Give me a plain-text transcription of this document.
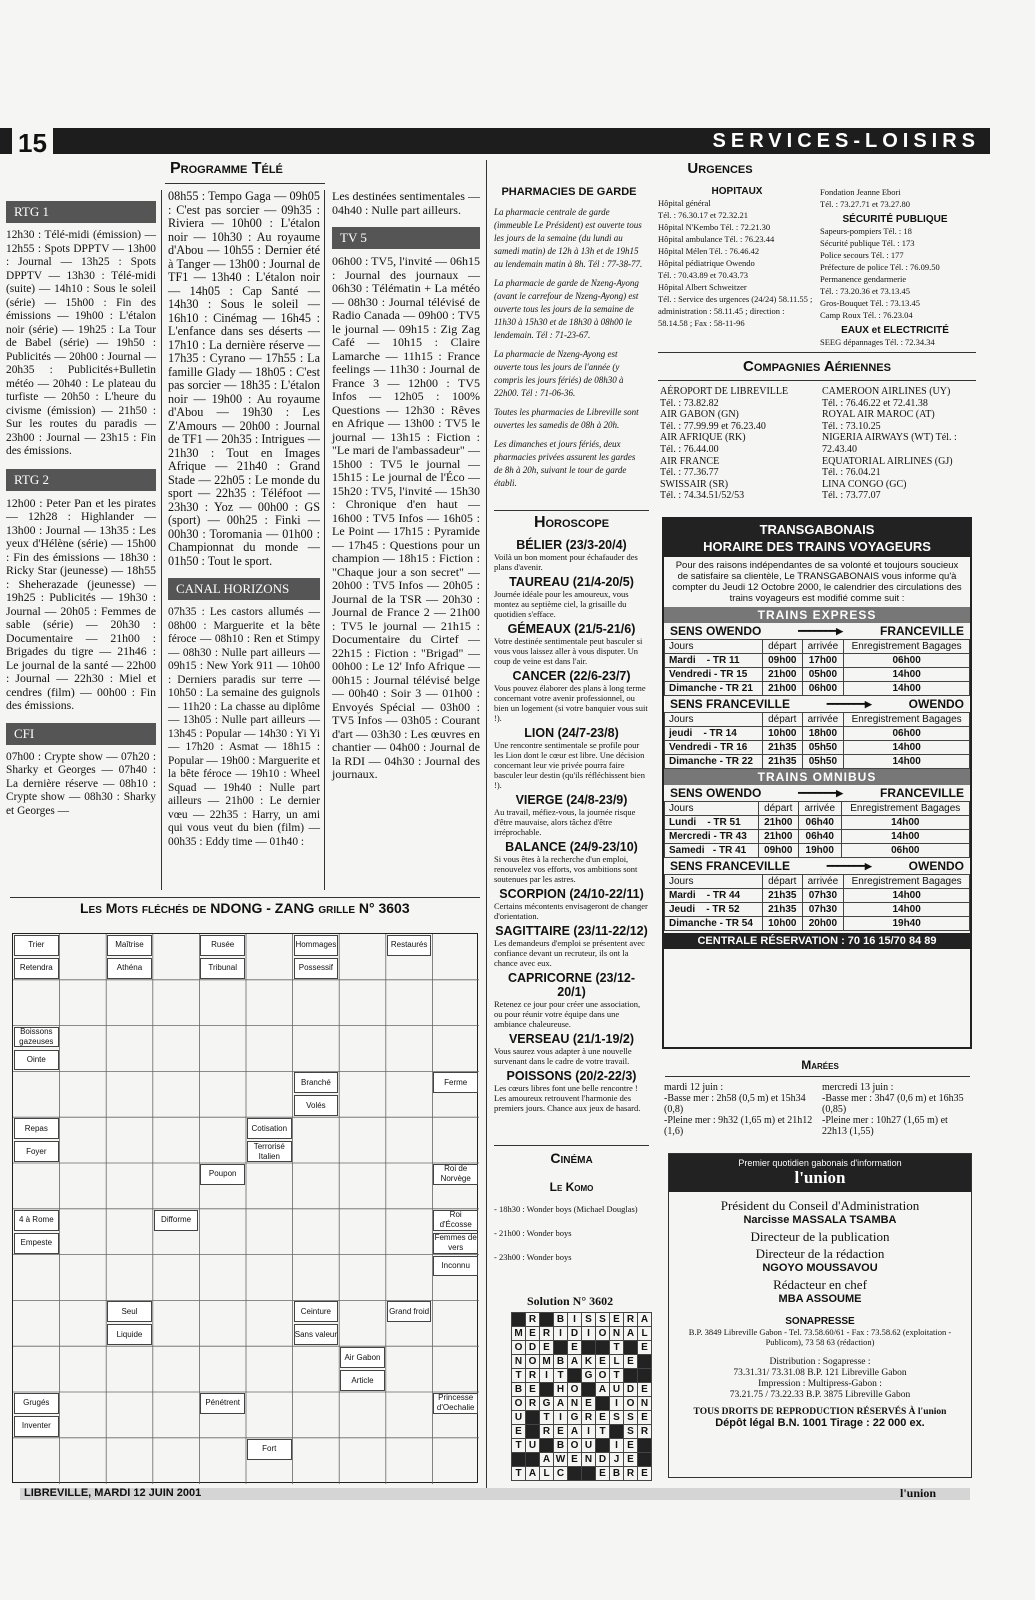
15	SERVICES-LOISIRS
Programme Télé
RTG 1
12h30 : Télé-midi (émission) — 12h55 : Spots DPPTV — 13h00 : Journal — 13h25 : Spots DPPTV — 13h30 : Télé-midi (suite) — 14h10 : Sous le soleil (série) — 15h00 : Fin des émissions — 19h00 : L'étalon noir (série) — 19h25 : La Tour de Babel (série) — 19h50 : Publicités — 20h00 : Journal — 20h35 : Publicités+Bulletin météo — 20h40 : Le plateau du turfiste — 20h50 : L'heure du civisme (émission) — 21h50 : Sur les routes du paradis — 23h00 : Journal — 23h15 : Fin des émissions.
RTG 2
12h00 : Peter Pan et les pirates — 12h28 : Highlander — 13h00 : Journal — 13h35 : Les yeux d'Hélène (série) — 15h00 : Fin des émissions — 18h30 : Ricky Star (jeunesse) — 18h55 : Sheherazade (jeunesse) — 19h25 : Publicités — 19h30 : Journal — 20h05 : Femmes de sable (série) — 20h30 : Documentaire — 21h00 : Brigades du tigre — 21h46 : Le journal de la santé — 22h00 : Journal — 22h30 : Miel et cendres (film) — 00h00 : Fin des émissions.
CFI
07h00 : Crypte show — 07h20 : Sharky et Georges — 07h40 : La dernière réserve — 08h10 : Crypte show — 08h30 : Sharky et Georges —
08h55 : Tempo Gaga — 09h05 : C'est pas sorcier — 09h35 : Riviera — 10h00 : L'étalon noir — 10h30 : Au royaume d'Abou — 10h55 : Dernier été à Tanger — 13h00 : Journal de TF1 — 13h40 : L'étalon noir — 14h05 : Cap Santé — 14h30 : Sous le soleil — 16h10 : Cinémag — 16h45 : L'enfance dans ses déserts — 17h10 : La dernière réserve — 17h35 : Cyrano — 17h55 : La famille Glady — 18h05 : C'est pas sorcier — 18h35 : L'étalon noir — 19h00 : Au royaume d'Abou — 19h30 : Les Z'Amours — 20h00 : Journal de TF1 — 20h35 : Intrigues — 21h30 : Tout en Images Afrique — 21h40 : Grand Stade — 22h05 : Le monde du sport — 22h35 : Téléfoot — 23h30 : Yoz — 00h00 : GS (sport) — 00h25 : Finki — 00h30 : Toromania — 01h00 : Championnat du monde — 01h50 : Tout le sport.
CANAL HORIZONS
07h35 : Les castors allumés — 08h00 : Marguerite et la bête féroce — 08h10 : Ren et Stimpy — 08h30 : Nulle part ailleurs — 09h15 : New York 911 — 10h00 : Derniers paradis sur terre — 10h50 : La semaine des guignols — 11h20 : La chasse au diplôme — 13h05 : Nulle part ailleurs — 13h45 : Popular — 14h30 : Yi Yi — 17h20 : Asmat — 18h15 : Popular — 19h00 : Marguerite et la bête féroce — 19h10 : Wheel Squad — 19h40 : Nulle part ailleurs — 21h00 : Le dernier vœu — 22h35 : Harry, un ami qui vous veut du bien (film) — 00h35 : Eddy time — 01h40 :
Les destinées sentimentales — 04h40 : Nulle part ailleurs.
TV 5
06h00 : TV5, l'invité — 06h15 : Journal des journaux — 06h30 : Télématin + La météo — 08h30 : Journal télévisé de Radio Canada — 09h00 : TV5 le journal — 09h15 : Zig Zag Café — 10h15 : Claire Lamarche — 11h15 : France feelings — 11h30 : Journal de France 3 — 12h00 : TV5 Infos — 12h05 : 100% Questions — 12h30 : Rêves en Afrique — 13h00 : TV5 le journal — 13h15 : Fiction : "Le mari de l'ambassadeur" — 15h00 : TV5 le journal — 15h15 : Le journal de l'Éco — 15h20 : TV5, l'invité — 15h30 : Chronique d'en haut — 16h00 : TV5 Infos — 16h05 : Le Point — 17h15 : Pyramide — 17h45 : Questions pour un champion — 18h15 : Fiction : "Chaque jour a son secret" — 20h00 : TV5 Infos — 20h05 : Journal de la TSR — 20h30 : Journal de France 2 — 21h00 : TV5 le journal — 21h15 : Documentaire du Cirtef — 22h15 : Fiction : "Brigad" — 00h00 : Le 12' Info Afrique — 00h15 : Journal télévisé belge — 00h40 : Soir 3 — 01h00 : Envoyés Spécial — 03h00 : TV5 Infos — 03h05 : Courant d'art — 03h30 : Les œuvres en chantier — 04h00 : Journal de la RDI — 04h30 : Journal des journaux.
Les Mots fléchés de NDONG - ZANG grille N° 3603
Trier
Retendra
Maîtrise
Athéna
Rusée
Tribunal
Hommages
Possessif
Restaurés
Boissons gazeuses
Ointe
Branché
Volés
Ferme
Repas
Foyer
Cotisation
Terrorisé Italien
Poupon
Roi de Norvège
4 à Rome
Empeste
Difforme
Roi d'Écosse
Femmes de vers
Inconnu
Seul
Liquide
Ceinture
Sans valeur
Grand froid
Air Gabon
Article
Grugés
Inventer
Pénétrent
Princesse d'Oechalie
Fort
PHARMACIES DE GARDE
La pharmacie centrale de garde (immeuble Le Président) est ouverte tous les jours de la semaine (du lundi au samedi matin) de 12h à 13h et de 19h15 au lendemain matin à 8h. Tél : 77-38-77.
La pharmacie de garde de Nzeng-Ayong (avant le carrefour de Nzeng-Ayong) est ouverte tous les jours de la semaine de 11h30 à 15h30 et de 18h30 à 08h00 le lendemain. Tél : 71-23-67.
La pharmacie de Nzeng-Ayong est ouverte tous les jours de l'année (y compris les jours fériés) de 08h30 à 22h00. Tél : 71-06-36.
Toutes les pharmacies de Libreville sont ouvertes les samedis de 08h à 20h.
Les dimanches et jours fériés, deux pharmacies privées assurent les gardes de 8h à 20h, suivant le tour de garde établi.
Horoscope
BÉLIER (23/3-20/4)
Voilà un bon moment pour échafauder des plans d'avenir.
TAUREAU (21/4-20/5)
Journée idéale pour les amoureux, vous montez au septième ciel, la grisaille du quotidien s'efface.
GÉMEAUX (21/5-21/6)
Votre destinée sentimentale peut basculer si vous vous laissez aller à vous disputer. Un coup de veine est dans l'air.
CANCER (22/6-23/7)
Vous pouvez élaborer des plans à long terme concernant votre avenir professionnel, ou bien un logement (si votre banquier vous suit !).
LION (24/7-23/8)
Une rencontre sentimentale se profile pour les Lion dont le cœur est libre. Une décision concernant leur vie privée pourra faire basculer leur destin (qu'ils réfléchissent bien !).
VIERGE (24/8-23/9)
Au travail, méfiez-vous, la journée risque d'être mauvaise, alors tâchez d'être irréprochable.
BALANCE (24/9-23/10)
Si vous êtes à la recherche d'un emploi, renouvelez vos efforts, vos ambitions sont soutenues par les astres.
SCORPION (24/10-22/11)
Certains mécontents envisageront de changer d'orientation.
SAGITTAIRE (23/11-22/12)
Les demandeurs d'emploi se présentent avec confiance devant un recruteur, ils ont la chance avec eux.
CAPRICORNE (23/12-20/1)
Retenez ce jour pour créer une association, ou pour réunir votre équipe dans une ambiance chaleureuse.
VERSEAU (21/1-19/2)
Vous saurez vous adapter à une nouvelle survenant dans le cadre de votre travail.
POISSONS (20/2-22/3)
Les cœurs libres font une belle rencontre ! Les amoureux retrouvent l'harmonie des premiers jours. Chance aux jeux de hasard.
Cinéma
Le Komo
- 18h30 : Wonder boys (Michael Douglas)
- 21h00 : Wonder boys
- 23h00 : Wonder boys
Solution N° 3602
	R		B	I	S	S	E	R	A
M	E	R	I	D	I	O	N	A	L
O	D	E		E			T		E
N	O	M	B	A	K	E	L	E	
T	R	I	T		G	O	T		
B	E		H	O		A	U	D	E
O	R	G	A	N	E		I	O	N
U		T	I	G	R	E	S	S	E
E		R	E	A	I	T		S	R
T	U		B	O	U		I	E	
		A	W	E	N	D	J	E	
T	A	L	C			E	B	R	E
Urgences
HOPITAUX
Hôpital général
Tél. : 76.30.17 et 72.32.21
Hôpital N'Kembo Tél. : 72.21.30
Hôpital ambulance Tél. : 76.23.44
Hôpital Mélen Tél. : 76.46.42
Hôpital pédiatrique Owendo
Tél. : 70.43.89 et 70.43.73
Hôpital Albert Schweitzer
Tél. : Service des urgences (24/24) 58.11.55 ; administration : 58.11.45 ; direction : 58.14.58 ; Fax : 58-11-96
Fondation Jeanne Ebori
Tél. : 73.27.71 et 73.27.80
SÉCURITÉ PUBLIQUE
Sapeurs-pompiers Tél. : 18
Sécurité publique Tél. : 173
Police secours Tél. : 177
Préfecture de police Tél. : 76.09.50
Permanence gendarmerie
Tél. : 73.20.36 et 73.13.45
Gros-Bouquet Tél. : 73.13.45
Camp Roux Tél. : 76.23.04
EAUX et ELECTRICITÉ
SEEG dépannages Tél. : 72.34.34
Compagnies Aériennes
AÉROPORT DE LIBREVILLE
Tél. : 73.82.82
AIR GABON (GN)
Tél. : 77.99.99 et 76.23.40
AIR AFRIQUE (RK)
Tél. : 76.44.00
AIR FRANCE
Tél. : 77.36.77
SWISSAIR (SR)
Tél. : 74.34.51/52/53
CAMEROON AIRLINES (UY)
Tél. : 76.46.22 et 72.41.38
ROYAL AIR MAROC (AT)
Tél. : 73.10.25
NIGERIA AIRWAYS (WT) Tél. : 72.43.40
EQUATORIAL AIRLINES (GJ)
Tél. : 76.04.21
LINA CONGO (GC)
Tél. : 73.77.07
TRANSGABONAIS
HORAIRE DES TRAINS VOYAGEURS
Pour des raisons indépendantes de sa volonté et toujours soucieux de satisfaire sa clientèle, Le TRANSGABONAIS vous informe qu'à compter du Jeudi 12 Octobre 2000, le calendrier des circulations des trains voyageurs est modifié comme suit :
TRAINS EXPRESS
SENS OWENDO	━━━━━━━▶	FRANCEVILLE
Jours	départ	arrivée	Enregistrement Bagages
Mardi    - TR 11	09h00	17h00	06h00
Vendredi - TR 15	21h00	05h00	14h00
Dimanche - TR 21	21h00	06h00	14h00
SENS FRANCEVILLE	━━━━━━━▶	OWENDO
Jours	départ	arrivée	Enregistrement Bagages
jeudi    - TR 14	10h00	18h00	06h00
Vendredi - TR 16	21h35	05h50	14h00
Dimanche - TR 22	21h35	05h50	14h00
TRAINS OMNIBUS
SENS OWENDO	━━━━━━━▶	FRANCEVILLE
Jours	départ	arrivée	Enregistrement Bagages
Lundi    - TR 51	21h00	06h40	14h00
Mercredi - TR 43	21h00	06h40	14h00
Samedi   - TR 41	09h00	19h00	06h00
SENS FRANCEVILLE	━━━━━━━▶	OWENDO
Jours	départ	arrivée	Enregistrement Bagages
Mardi    - TR 44	21h35	07h30	14h00
Jeudi    - TR 52	21h35	07h30	14h00
Dimanche - TR 54	10h00	20h00	19h40
CENTRALE RÉSERVATION : 70 16 15/70 84 89
Marées
mardi 12 juin :
-Basse mer : 2h58 (0,5 m) et 15h34 (0,8)
-Pleine mer : 9h32 (1,65 m) et 21h12 (1,6)
mercredi 13 juin :
-Basse mer : 3h47 (0,6 m) et 16h35 (0,85)
-Pleine mer : 10h27 (1,65 m) et 22h13 (1,55)
Premier quotidien gabonais d'information
l'union
Président du Conseil d'Administration
Narcisse MASSALA TSAMBA
Directeur de la publication
Directeur de la rédaction
NGOYO MOUSSAVOU
Rédacteur en chef
MBA ASSOUME
SONAPRESSE
B.P. 3849 Libreville Gabon - Tel. 73.58.60/61 - Fax : 73.58.62 (exploitation - Publicom), 73 58 63 (rédaction)
Distribution : Sogapresse :
73.31.31/ 73.31.08 B.P. 121 Libreville Gabon
Impression : Multipress-Gabon :
73.21.75 / 73.22.33 B.P. 3875 Libreville Gabon
TOUS DROITS DE REPRODUCTION RÉSERVÉS À l'union
Dépôt légal B.N. 1001 Tirage : 22 000 ex.
LIBREVILLE, MARDI 12 JUIN 2001	l'union
